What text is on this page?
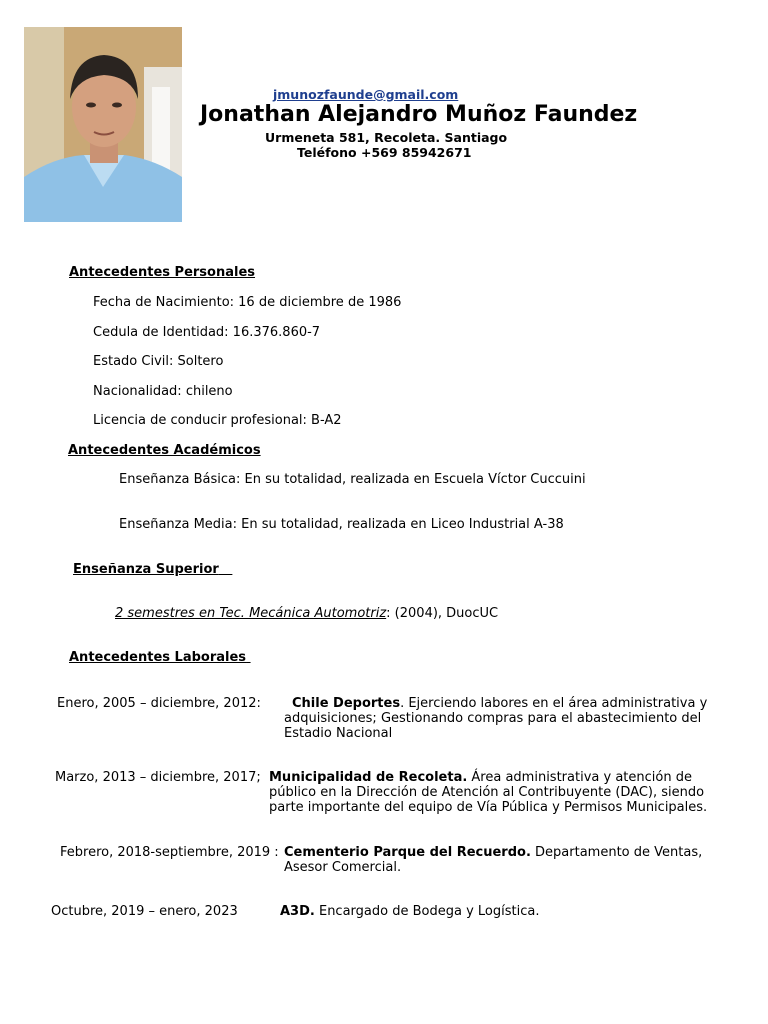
jmunozfaunde@gmail.com
Jonathan Alejandro Muñoz Faundez
Urmeneta 581, Recoleta. Santiago
Teléfono +569 85942671
Antecedentes Personales
Fecha de Nacimiento: 16 de diciembre de 1986
Cedula de Identidad: 16.376.860-7
Estado Civil: Soltero
Nacionalidad: chileno
Licencia de conducir profesional: B-A2
Antecedentes Académicos
Enseñanza Básica: En su totalidad, realizada en Escuela Víctor Cuccuini
Enseñanza Media: En su totalidad, realizada en Liceo Industrial A-38
Enseñanza Superior
2 semestres en Tec. Mecánica Automotriz: (2004), DuocUC
Antecedentes Laborales
Enero, 2005 – diciembre, 2012:	Chile Deportes. Ejerciendo labores en el área administrativa y adquisiciones; Gestionando compras para el abastecimiento del Estadio Nacional
Marzo, 2013 – diciembre, 2017; Municipalidad de Recoleta. Área administrativa y atención de público en la Dirección de Atención al Contribuyente (DAC), siendo parte importante del equipo de Vía Pública y Permisos Municipales.
Febrero, 2018-septiembre, 2019 : Cementerio Parque del Recuerdo. Departamento de Ventas, Asesor Comercial.
Octubre, 2019 – enero, 2023	A3D. Encargado de Bodega y Logística.
